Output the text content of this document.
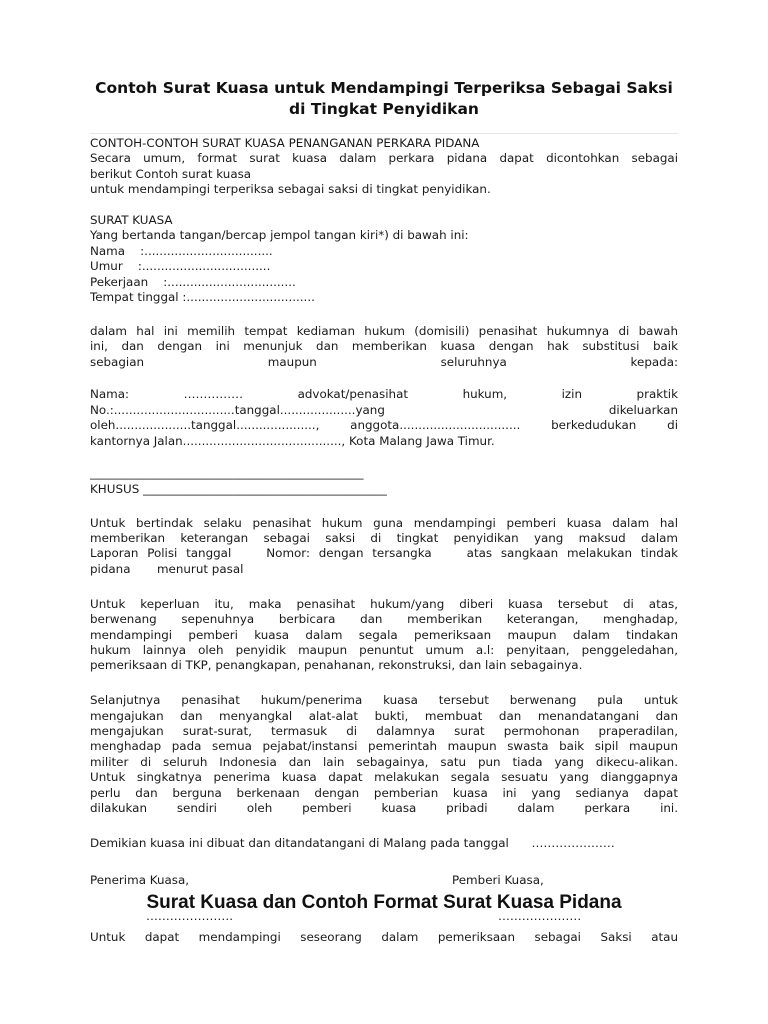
Contoh Surat Kuasa untuk Mendampingi Terperiksa Sebagai Saksi
di Tingkat Penyidikan

CONTOH-CONTOH SURAT KUASA PENANGANAN PERKARA PIDANA

Secara umum, format surat kuasa dalam perkara pidana dapat dicontohkan sebagai

berikut Contoh surat kuasa

untuk mendampingi terperiksa sebagai saksi di tingkat penyidikan.

SURAT KUASA

Yang bertanda tangan/bercap jempol tangan kiri*) di bawah ini:

Nama    :..................................

Umur    :..................................

Pekerjaan    :..................................

Tempat tinggal :..................................

dalam hal ini memilih tempat kediaman hukum (domisili) penasihat hukumnya di bawah

ini, dan dengan ini menunjuk dan memberikan kuasa dengan hak substitusi baik

sebagian maupun seluruhnya kepada:

Nama: …………… advokat/penasihat hukum, izin praktik

No.:................................tanggal....................yang dikeluarkan

oleh....................tanggal....................., anggota................................ berkedudukan di

kantornya Jalan.........................................., Kota Malang Jawa Timur.

______________________________________________

KHUSUS _________________________________________

Untuk bertindak selaku penasihat hukum guna mendampingi pemberi kuasa dalam hal

memberikan keterangan sebagai saksi di tingkat penyidikan yang maksud dalam

Laporan Polisi tanggal    Nomor: dengan tersangka    atas sangkaan melakukan tindak

pidana       menurut pasal

Untuk keperluan itu, maka penasihat hukum/yang diberi kuasa tersebut di atas,

berwenang sepenuhnya berbicara dan memberikan keterangan, menghadap,

mendampingi pemberi kuasa dalam segala pemeriksaan maupun dalam tindakan

hukum lainnya oleh penyidik maupun penuntut umum a.l: penyitaan, penggeledahan,

pemeriksaan di TKP, penangkapan, penahanan, rekonstruksi, dan lain sebagainya.

Selanjutnya penasihat hukum/penerima kuasa tersebut berwenang pula untuk

mengajukan dan menyangkal alat-alat bukti, membuat dan menandatangani dan

mengajukan surat-surat, termasuk di dalamnya surat permohonan praperadilan,

menghadap pada semua pejabat/instansi pemerintah maupun swasta baik sipil maupun

militer di seluruh Indonesia dan lain sebagainya, satu pun tiada yang dikecu-alikan.

Untuk singkatnya penerima kuasa dapat melakukan segala sesuatu yang dianggapnya

perlu dan berguna berkenaan dengan pemberian kuasa ini yang sedianya dapat

dilakukan sendiri oleh pemberi kuasa pribadi dalam perkara ini.

Demikian kuasa ini dibuat dan ditandatangani di Malang pada tanggal      …………………

Penerima Kuasa,	Pemberi Kuasa,
………………….	…………………
Surat Kuasa dan Contoh Format Surat Kuasa Pidana

Untuk dapat mendampingi seseorang dalam pemeriksaan sebagai Saksi atau
